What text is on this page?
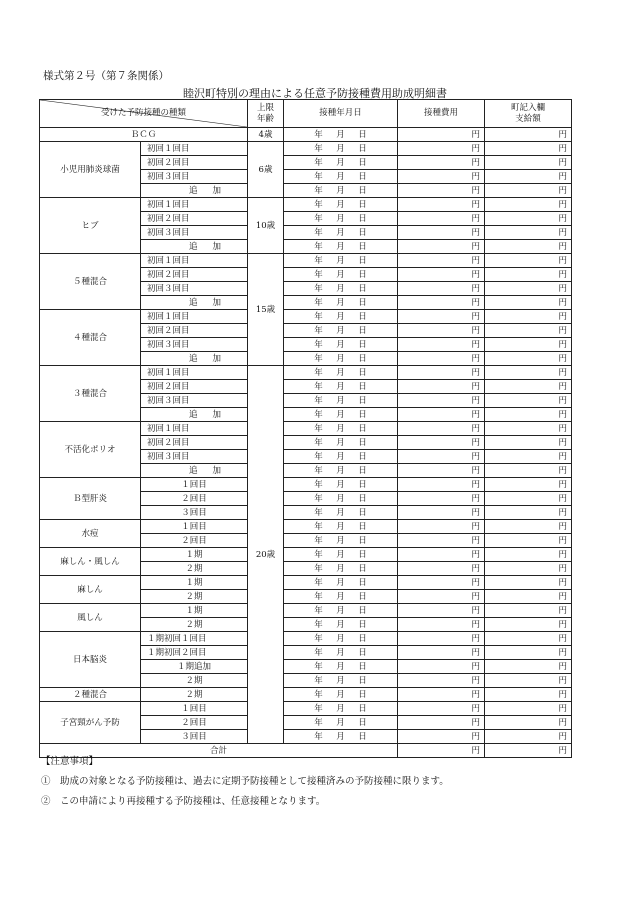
様式第２号（第７条関係）
睦沢町特別の理由による任意予防接種費用助成明細書
受けた予防接種の種類		上限
年齢	接種年月日	接種費用	町記入欄
支給額
ＢＣＧ		4歳	年 月 日	円	円
小児用肺炎球菌	初回１回目	6歳	年 月 日	円	円
	初回２回目		年 月 日	円	円
	初回３回目		年 月 日	円	円

	追 加		年 月 日	円	円
ヒブ	初回１回目	10歳	年 月 日	円	円
	初回２回目		年 月 日	円	円
	初回３回目		年 月 日	円	円

	追 加		年 月 日	円	円
５種混合	初回１回目	15歳	年 月 日	円	円
	初回２回目		年 月 日	円	円
	初回３回目		年 月 日	円	円

	追 加		年 月 日	円	円
４種混合	初回１回目		年 月 日	円	円
	初回２回目		年 月 日	円	円
	初回３回目		年 月 日	円	円

	追 加		年 月 日	円	円
３種混合	初回１回目	20歳	年 月 日	円	円
	初回２回目		年 月 日	円	円
	初回３回目		年 月 日	円	円

	追 加		年 月 日	円	円
不活化ポリオ	初回１回目		年 月 日	円	円
	初回２回目		年 月 日	円	円
	初回３回目		年 月 日	円	円

	追 加		年 月 日	円	円
Ｂ型肝炎	１回目		年 月 日	円	円
	２回目		年 月 日	円	円
	３回目		年 月 日	円	円
水痘	１回目		年 月 日	円	円
	２回目		年 月 日	円	円
麻しん・風しん	１期		年 月 日	円	円
	２期		年 月 日	円	円
麻しん	１期		年 月 日	円	円
	２期		年 月 日	円	円
風しん	１期		年 月 日	円	円
	２期		年 月 日	円	円
日本脳炎	１期初回１回目		年 月 日	円	円
	１期初回２回目		年 月 日	円	円
	１期追加		年 月 日	円	円
	２期		年 月 日	円	円
２種混合	２期		年 月 日	円	円
子宮頸がん予防	１回目		年 月 日	円	円
	２回目		年 月 日	円	円
	３回目		年 月 日	円	円
合計				円	円
【注意事項】
①　助成の対象となる予防接種は、過去に定期予防接種として接種済みの予防接種に限ります。
②　この申請により再接種する予防接種は、任意接種となります。
